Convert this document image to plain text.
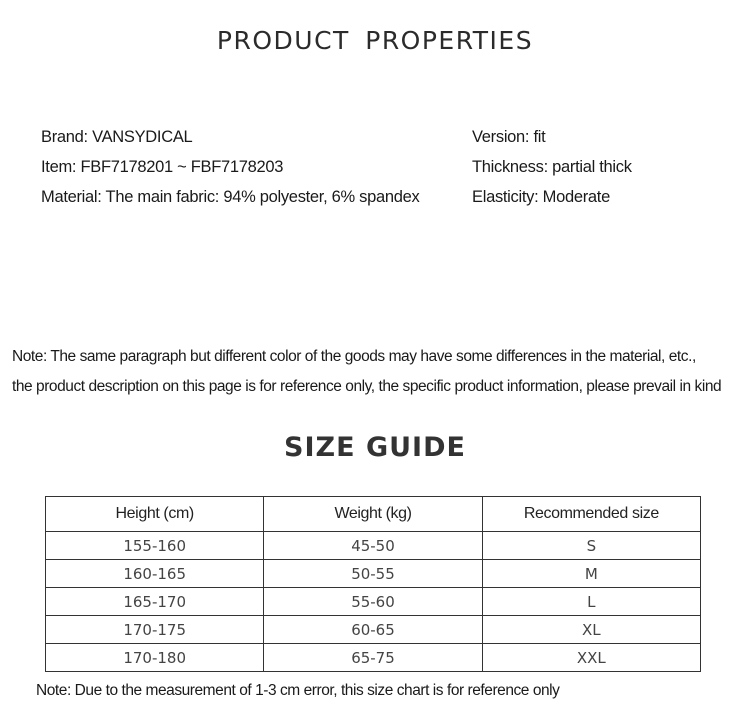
PRODUCT PROPERTIES
Brand: VANSYDICAL	Version: fit
Item: FBF7178201 ~ FBF7178203	Thickness: partial thick
Material: The main fabric: 94% polyester, 6% spandex	Elasticity: Moderate
Note: The same paragraph but different color of the goods may have some differences in the material, etc.,
the product description on this page is for reference only, the specific product information, please prevail in kind
SIZE GUIDE
Height (cm)	Weight (kg)	Recommended size
155-160	45-50	S
160-165	50-55	M
165-170	55-60	L
170-175	60-65	XL
170-180	65-75	XXL
Note: Due to the measurement of 1-3 cm error, this size chart is for reference only
